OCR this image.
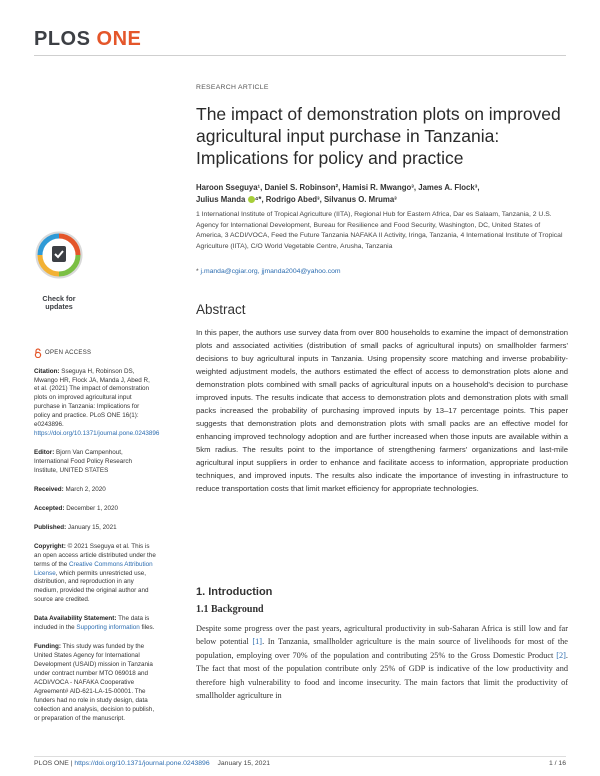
PLOS ONE
Check for
updates
OPEN ACCESS
Citation: Sseguya H, Robinson DS, Mwango HR, Flock JA, Manda J, Abed R, et al. (2021) The impact of demonstration plots on improved agricultural input purchase in Tanzania: Implications for policy and practice. PLoS ONE 16(1): e0243896. https://doi.org/10.1371/journal.pone.0243896
Editor: Bjorn Van Campenhout, International Food Policy Research Institute, UNITED STATES
Received: March 2, 2020
Accepted: December 1, 2020
Published: January 15, 2021
Copyright: © 2021 Sseguya et al. This is an open access article distributed under the terms of the Creative Commons Attribution License, which permits unrestricted use, distribution, and reproduction in any medium, provided the original author and source are credited.
Data Availability Statement: The data is included in the Supporting information files.
Funding: This study was funded by the United States Agency for International Development (USAID) mission in Tanzania under contract number MTO 069018 and ACDI/VOCA - NAFAKA Cooperative Agreement# AID-621-LA-15-00001. The funders had no role in study design, data collection and analysis, decision to publish, or preparation of the manuscript.
RESEARCH ARTICLE
The impact of demonstration plots on improved agricultural input purchase in Tanzania: Implications for policy and practice
Haroon Sseguya¹, Daniel S. Robinson², Hamisi R. Mwango³, James A. Flock³,
Julius Manda ⁴*, Rodrigo Abed³, Silvanus O. Mruma³
1 International Institute of Tropical Agriculture (IITA), Regional Hub for Eastern Africa, Dar es Salaam, Tanzania, 2 U.S. Agency for International Development, Bureau for Resilience and Food Security, Washington, DC, United States of America, 3 ACDI/VOCA, Feed the Future Tanzania NAFAKA II Activity, Iringa, Tanzania, 4 International Institute of Tropical Agriculture (IITA), C/O World Vegetable Centre, Arusha, Tanzania
* j.manda@cgiar.org, jjmanda2004@yahoo.com
Abstract
In this paper, the authors use survey data from over 800 households to examine the impact of demonstration plots and associated activities (distribution of small packs of agricultural inputs) on smallholder farmers' decisions to buy agricultural inputs in Tanzania. Using propensity score matching and inverse probability-weighted adjustment models, the authors estimated the effect of access to demonstration plots alone and demonstration plots combined with small packs of agricultural inputs on a household's decision to purchase improved inputs. The results indicate that access to demonstration plots and demonstration plots with small packs increased the probability of purchasing improved inputs by 13–17 percentage points. This paper suggests that demonstration plots and demonstration plots with small packs are an effective model for enhancing improved technology adoption and are further increased when those inputs are available within a 5km radius. The results point to the importance of strengthening farmers' organizations and last-mile agricultural input suppliers in order to enhance and facilitate access to information, appropriate production techniques, and improved inputs. The results also indicate the importance of investing in infrastructure to reduce transportation costs that limit market efficiency for appropriate technologies.
1. Introduction
1.1 Background
Despite some progress over the past years, agricultural productivity in sub-Saharan Africa is still low and far below potential [1]. In Tanzania, smallholder agriculture is the main source of livelihoods for most of the population, employing over 70% of the population and contributing 25% to the Gross Domestic Product [2]. The fact that most of the population contribute only 25% of GDP is indicative of the low productivity and therefore high vulnerability to food and income insecurity. The main factors that limit the productivity of smallholder agriculture in
PLOS ONE | https://doi.org/10.1371/journal.pone.0243896 January 15, 2021	1 / 16
